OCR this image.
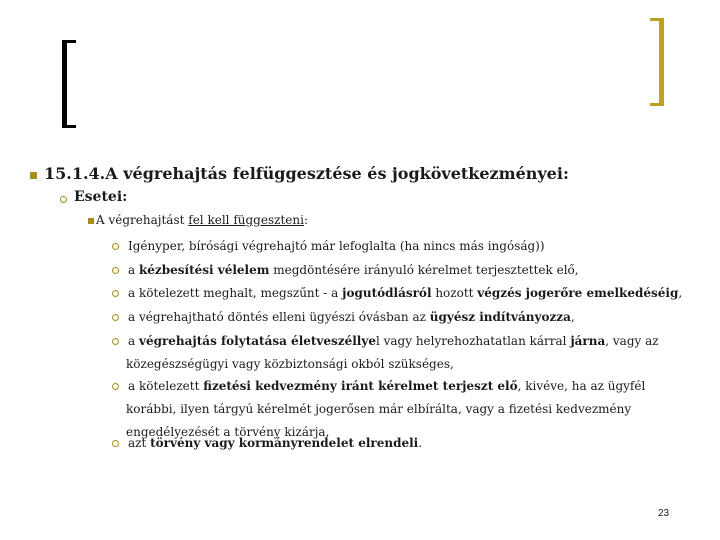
15.1.4.A végrehajtás felfüggesztése és jogkövetkezményei:
Esetei:
A végrehajtást fel kell függeszteni:
Igényper, bírósági végrehajtó már lefoglalta (ha nincs más ingóság))
a kézbesítési vélelem megdöntésére irányuló kérelmet terjesztettek elő,
a kötelezett meghalt, megszűnt - a jogutódlásról hozott végzés jogerőre emelkedéséig,
a végrehajtható döntés elleni ügyészi óvásban az ügyész indítványozza,
a végrehajtás folytatása életveszéllyel vagy helyrehozhatatlan kárral járna, vagy az
közegészségügyi vagy közbiztonsági okból szükséges,
a kötelezett fizetési kedvezmény iránt kérelmet terjeszt elő, kivéve, ha az ügyfél
korábbi, ilyen tárgyú kérelmét jogerősen már elbírálta, vagy a fizetési kedvezmény
engedélyezését a törvény kizárja,
azt törvény vagy kormányrendelet elrendeli.
23
